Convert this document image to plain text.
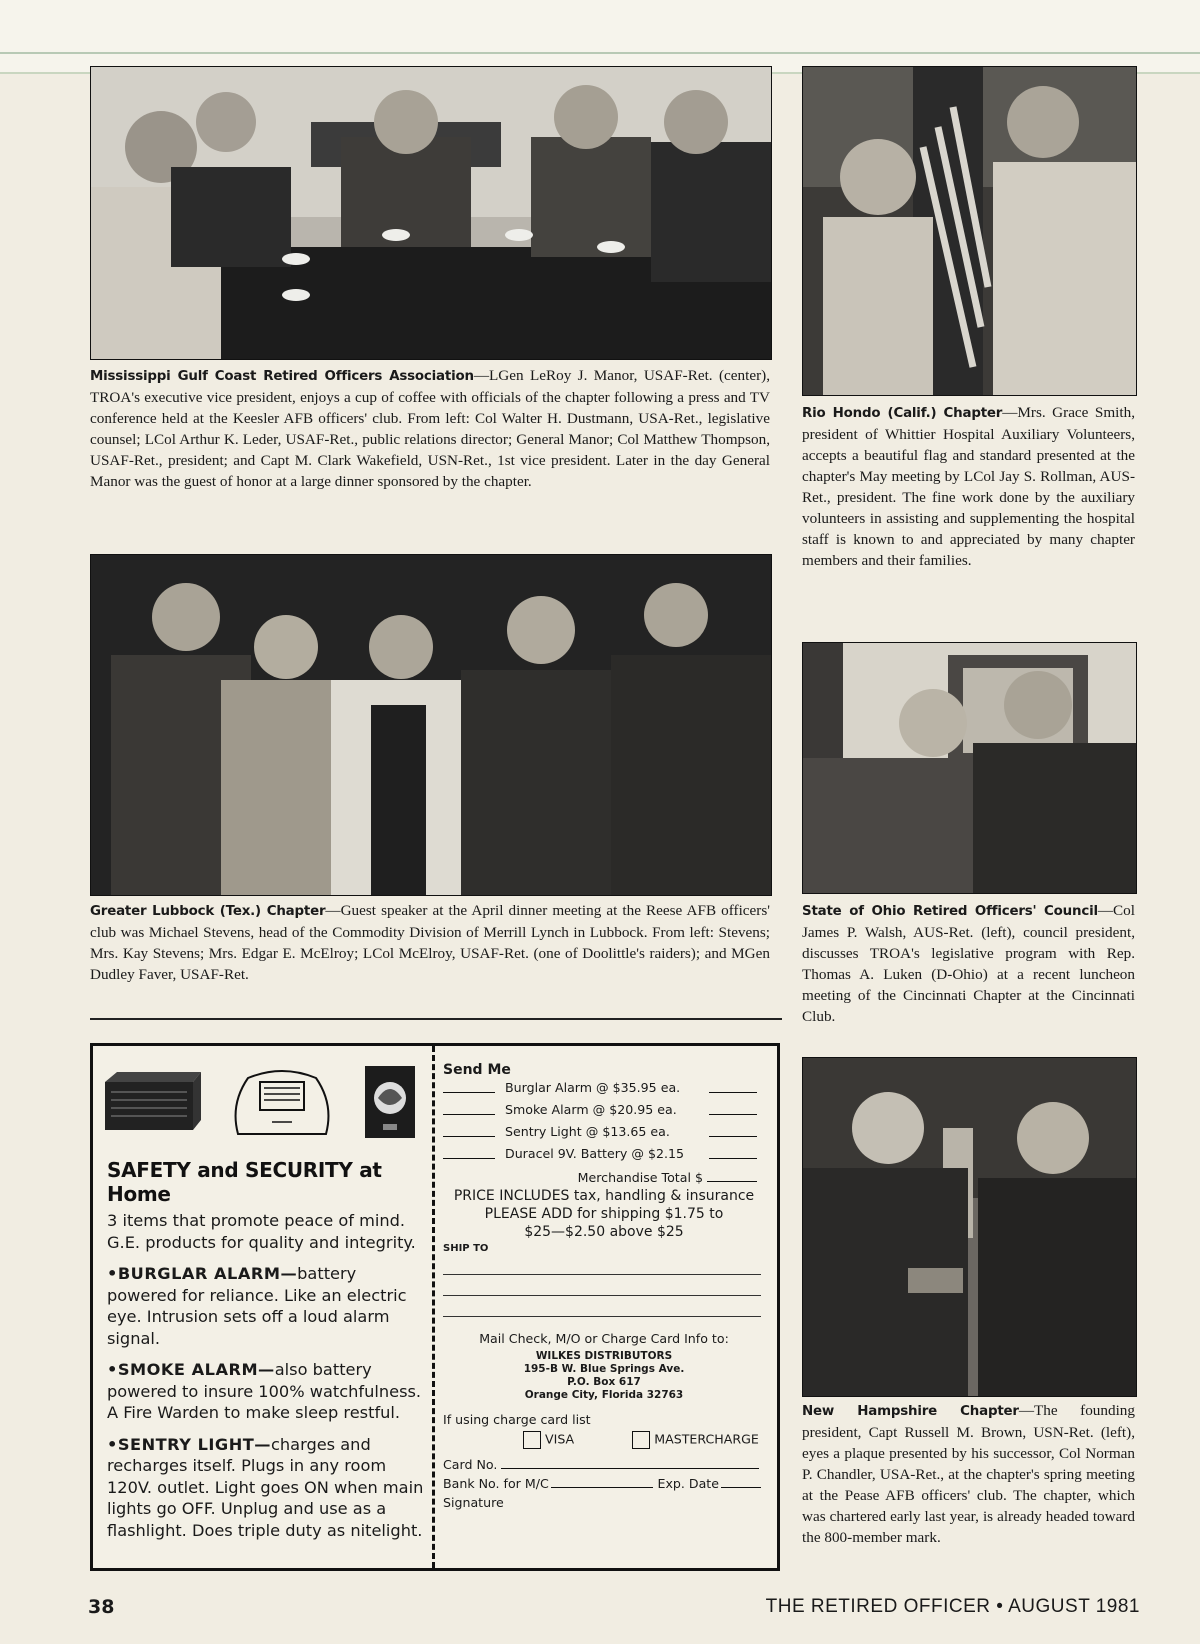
Mississippi Gulf Coast Retired Officers Association—LGen LeRoy J. Manor, USAF-Ret. (center), TROA's executive vice president, enjoys a cup of coffee with officials of the chapter following a press and TV conference held at the Keesler AFB officers' club. From left: Col Walter H. Dustmann, USA-Ret., legislative counsel; LCol Arthur K. Leder, USAF-Ret., public relations director; General Manor; Col Matthew Thompson, USAF-Ret., president; and Capt M. Clark Wakefield, USN-Ret., 1st vice president. Later in the day General Manor was the guest of honor at a large dinner sponsored by the chapter.
Rio Hondo (Calif.) Chapter—Mrs. Grace Smith, president of Whittier Hospital Auxiliary Volunteers, accepts a beautiful flag and standard presented at the chapter's May meeting by LCol Jay S. Rollman, AUS-Ret., president. The fine work done by the auxiliary volunteers in assisting and supplementing the hospital staff is known to and appreciated by many chapter members and their families.
Greater Lubbock (Tex.) Chapter—Guest speaker at the April dinner meeting at the Reese AFB officers' club was Michael Stevens, head of the Commodity Division of Merrill Lynch in Lubbock. From left: Stevens; Mrs. Kay Stevens; Mrs. Edgar E. McElroy; LCol McElroy, USAF-Ret. (one of Doolittle's raiders); and MGen Dudley Faver, USAF-Ret.
State of Ohio Retired Officers' Council—Col James P. Walsh, AUS-Ret. (left), council president, discusses TROA's legislative program with Rep. Thomas A. Luken (D-Ohio) at a recent luncheon meeting of the Cincinnati Chapter at the Cincinnati Club.
New Hampshire Chapter—The founding president, Capt Russell M. Brown, USN-Ret. (left), eyes a plaque presented by his successor, Col Norman P. Chandler, USA-Ret., at the chapter's spring meeting at the Pease AFB officers' club. The chapter, which was chartered early last year, is already headed toward the 800-member mark.
SAFETY and SECURITY at Home
3 items that promote peace of mind.
G.E. products for quality and integrity.
•BURGLAR ALARM—battery powered for reliance. Like an electric eye. Intrusion sets off a loud alarm signal.
•SMOKE ALARM—also battery powered to insure 100% watchfulness. A Fire Warden to make sleep restful.
•SENTRY LIGHT—charges and recharges itself. Plugs in any room 120V. outlet. Light goes ON when main lights go OFF. Unplug and use as a flashlight. Does triple duty as nitelight.
Send Me
Burglar Alarm @ $35.95 ea.
Smoke Alarm @ $20.95 ea.
Sentry Light @ $13.65 ea.
Duracel 9V. Battery @ $2.15
Merchandise Total $
PRICE INCLUDES tax, handling & insurance
PLEASE ADD for shipping $1.75 to
$25—$2.50 above $25
SHIP TO
Mail Check, M/O or Charge Card Info to:
WILKES DISTRIBUTORS
195-B W. Blue Springs Ave.
P.O. Box 617
Orange City, Florida 32763
If using charge card list
VISA	MASTERCHARGE
Card No.
Bank No. for M/C	Exp. Date
Signature
38	THE RETIRED OFFICER • AUGUST 1981
